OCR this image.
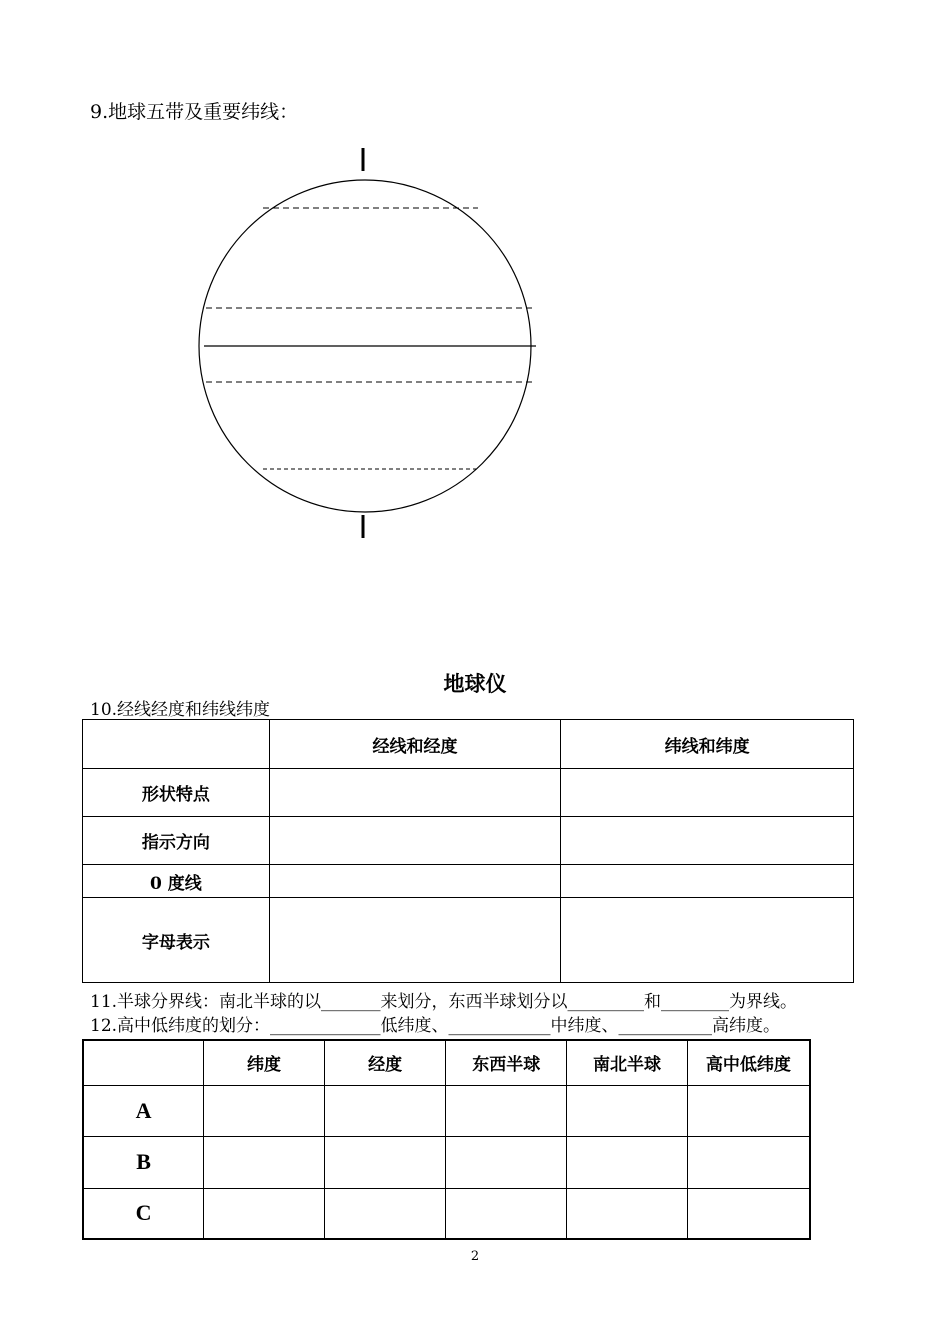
9.地球五带及重要纬线：
地球仪
10.经线经度和纬线纬度
	经线和经度	纬线和纬度
形状特点		
指示方向		
0 度线		
字母表示		
11.半球分界线：南北半球的以_______来划分，东西半球划分以_________和________为界线。
12.高中低纬度的划分：_____________低纬度、____________中纬度、___________高纬度。
	纬度	经度	东西半球	南北半球	高中低纬度
A					
B					
C					
2
